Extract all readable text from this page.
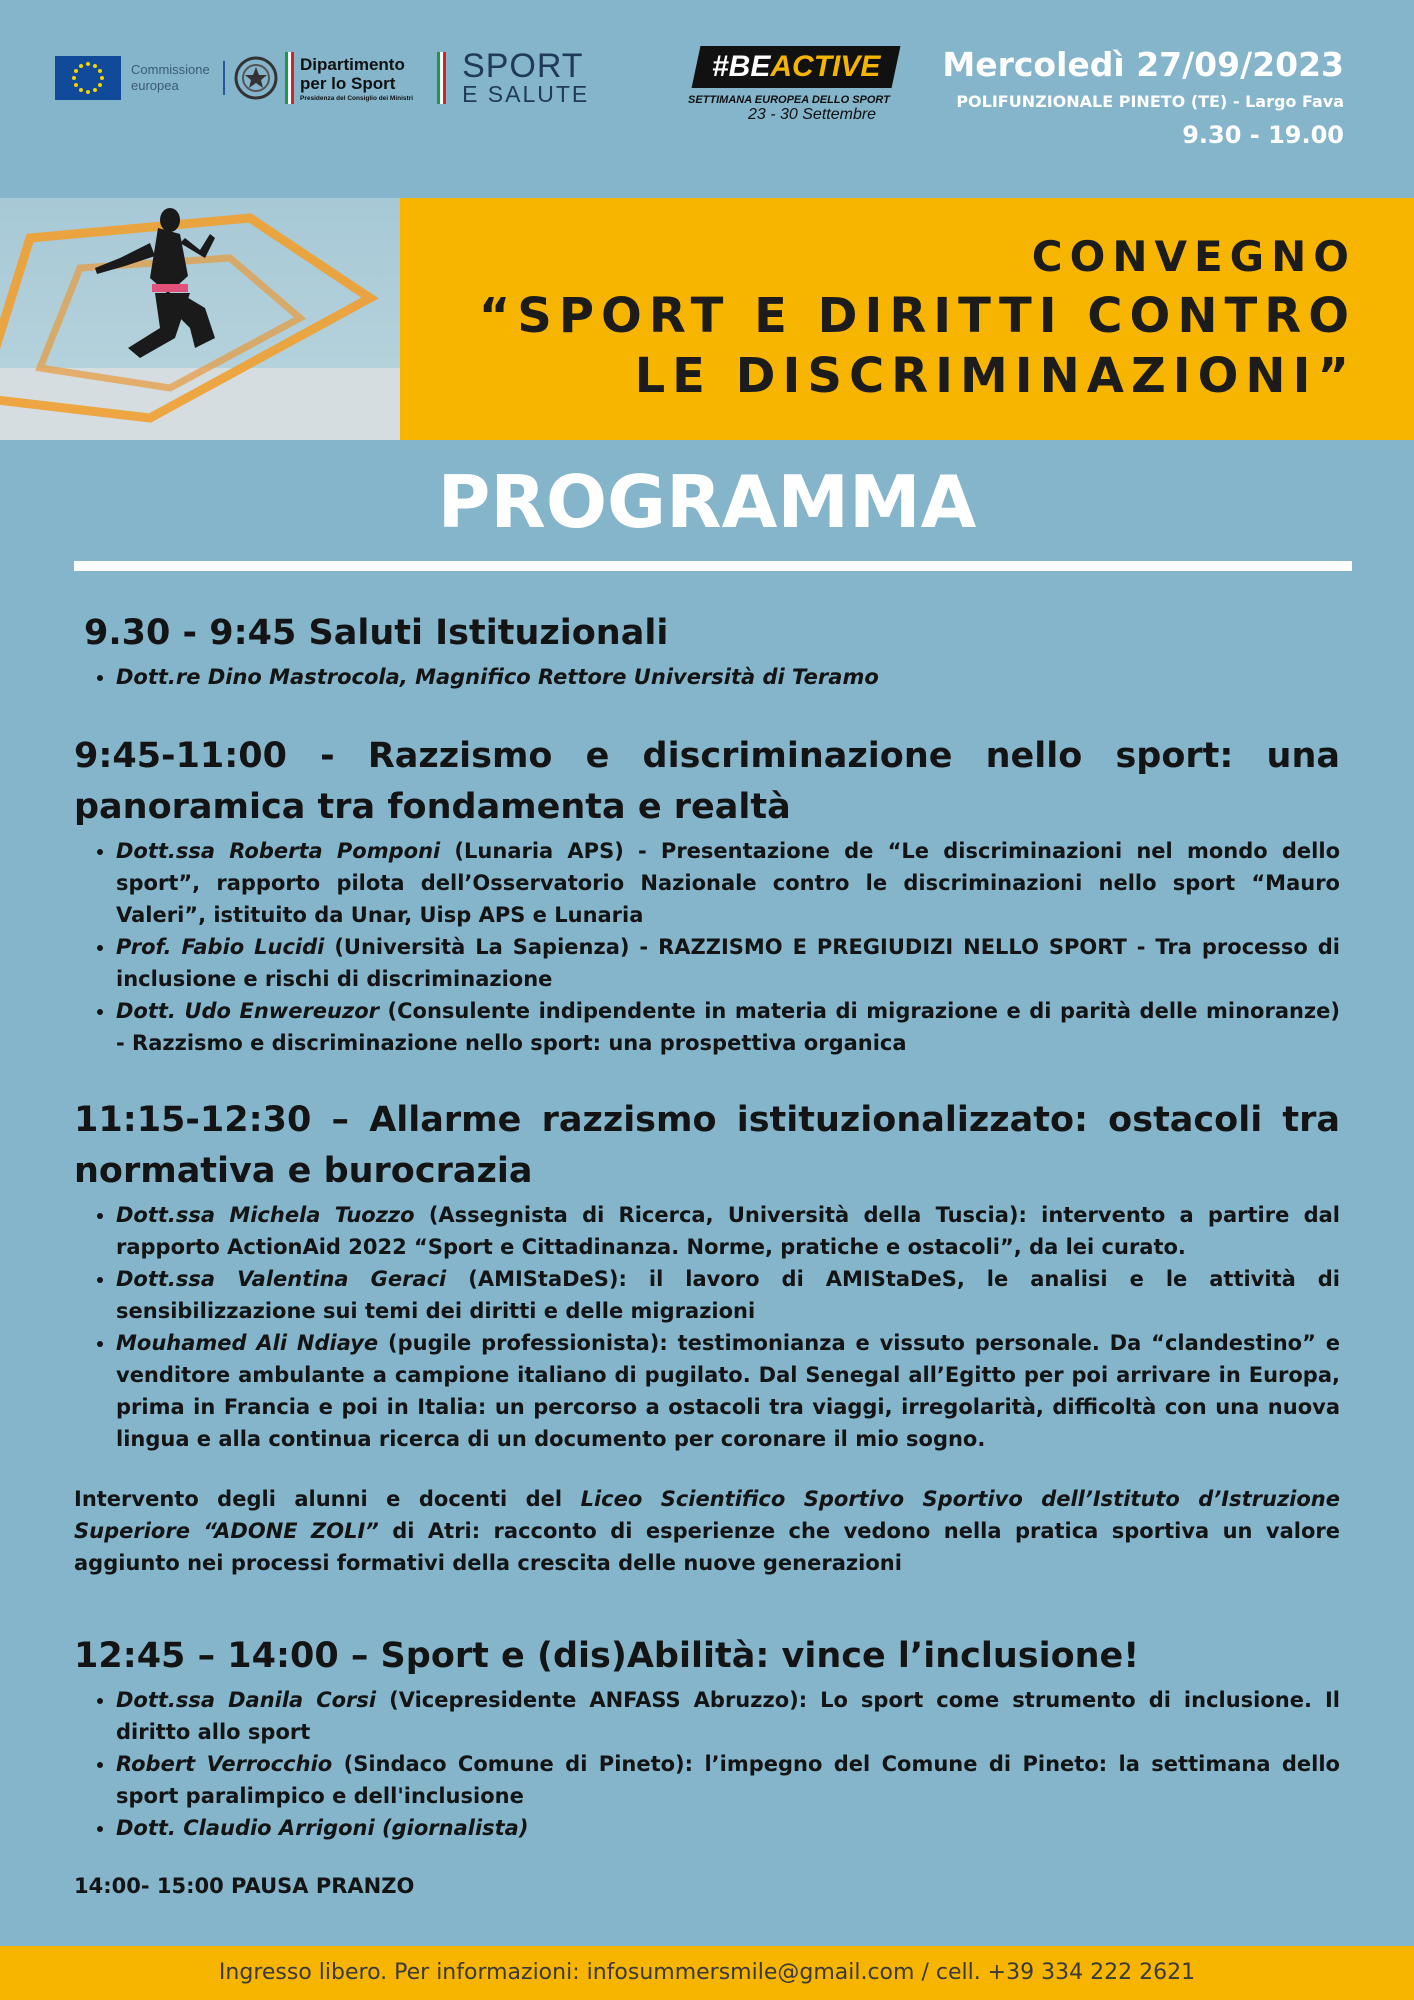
Commissione
europea
Dipartimento
per lo Sport
Presidenza del Consiglio dei Ministri
SPORT
E SALUTE
#BEACTIVE
SETTIMANA EUROPEA DELLO SPORT
23 - 30 Settembre
Mercoledì 27/09/2023
POLIFUNZIONALE PINETO (TE) - Largo Fava
9.30 - 19.00
CONVEGNO
“SPORT E DIRITTI CONTRO
LE DISCRIMINAZIONI”
PROGRAMMA
9.30 - 9:45 Saluti Istituzionali
• Dott.re Dino Mastrocola, Magnifico Rettore Università di Teramo
9:45-11:00 - Razzismo e discriminazione nello sport: una panoramica tra fondamenta e realtà
• Dott.ssa Roberta Pomponi (Lunaria APS) - Presentazione de “Le discriminazioni nel mondo dello sport”, rapporto pilota dell’Osservatorio Nazionale contro le discriminazioni nello sport “Mauro Valeri”, istituito da Unar, Uisp APS e Lunaria
• Prof. Fabio Lucidi (Università La Sapienza) - RAZZISMO E PREGIUDIZI NELLO SPORT - Tra processo di inclusione e rischi di discriminazione
• Dott. Udo Enwereuzor (Consulente indipendente in materia di migrazione e di parità delle minoranze) - Razzismo e discriminazione nello sport: una prospettiva organica
11:15-12:30 – Allarme razzismo istituzionalizzato: ostacoli tra normativa e burocrazia
• Dott.ssa Michela Tuozzo (Assegnista di Ricerca, Università della Tuscia): intervento a partire dal rapporto ActionAid 2022 “Sport e Cittadinanza. Norme, pratiche e ostacoli”, da lei curato.
• Dott.ssa Valentina Geraci (AMIStaDeS): il lavoro di AMIStaDeS, le analisi e le attività di sensibilizzazione sui temi dei diritti e delle migrazioni
• Mouhamed Ali Ndiaye (pugile professionista): testimonianza e vissuto personale. Da “clandestino” e venditore ambulante a campione italiano di pugilato. Dal Senegal all’Egitto per poi arrivare in Europa, prima in Francia e poi in Italia: un percorso a ostacoli tra viaggi, irregolarità, difficoltà con una nuova lingua e alla continua ricerca di un documento per coronare il mio sogno.
Intervento degli alunni e docenti del Liceo Scientifico Sportivo Sportivo dell’Istituto d’Istruzione Superiore “ADONE ZOLI” di Atri: racconto di esperienze che vedono nella pratica sportiva un valore aggiunto nei processi formativi della crescita delle nuove generazioni
12:45 – 14:00 – Sport e (dis)Abilità: vince l’inclusione!
• Dott.ssa Danila Corsi (Vicepresidente ANFASS Abruzzo): Lo sport come strumento di inclusione. Il diritto allo sport
• Robert Verrocchio (Sindaco Comune di Pineto): l’impegno del Comune di Pineto: la settimana dello sport paralimpico e dell'inclusione
• Dott. Claudio Arrigoni (giornalista)
14:00- 15:00 PAUSA PRANZO
Ingresso libero. Per informazioni: infosummersmile@gmail.com / cell. +39 334 222 2621
